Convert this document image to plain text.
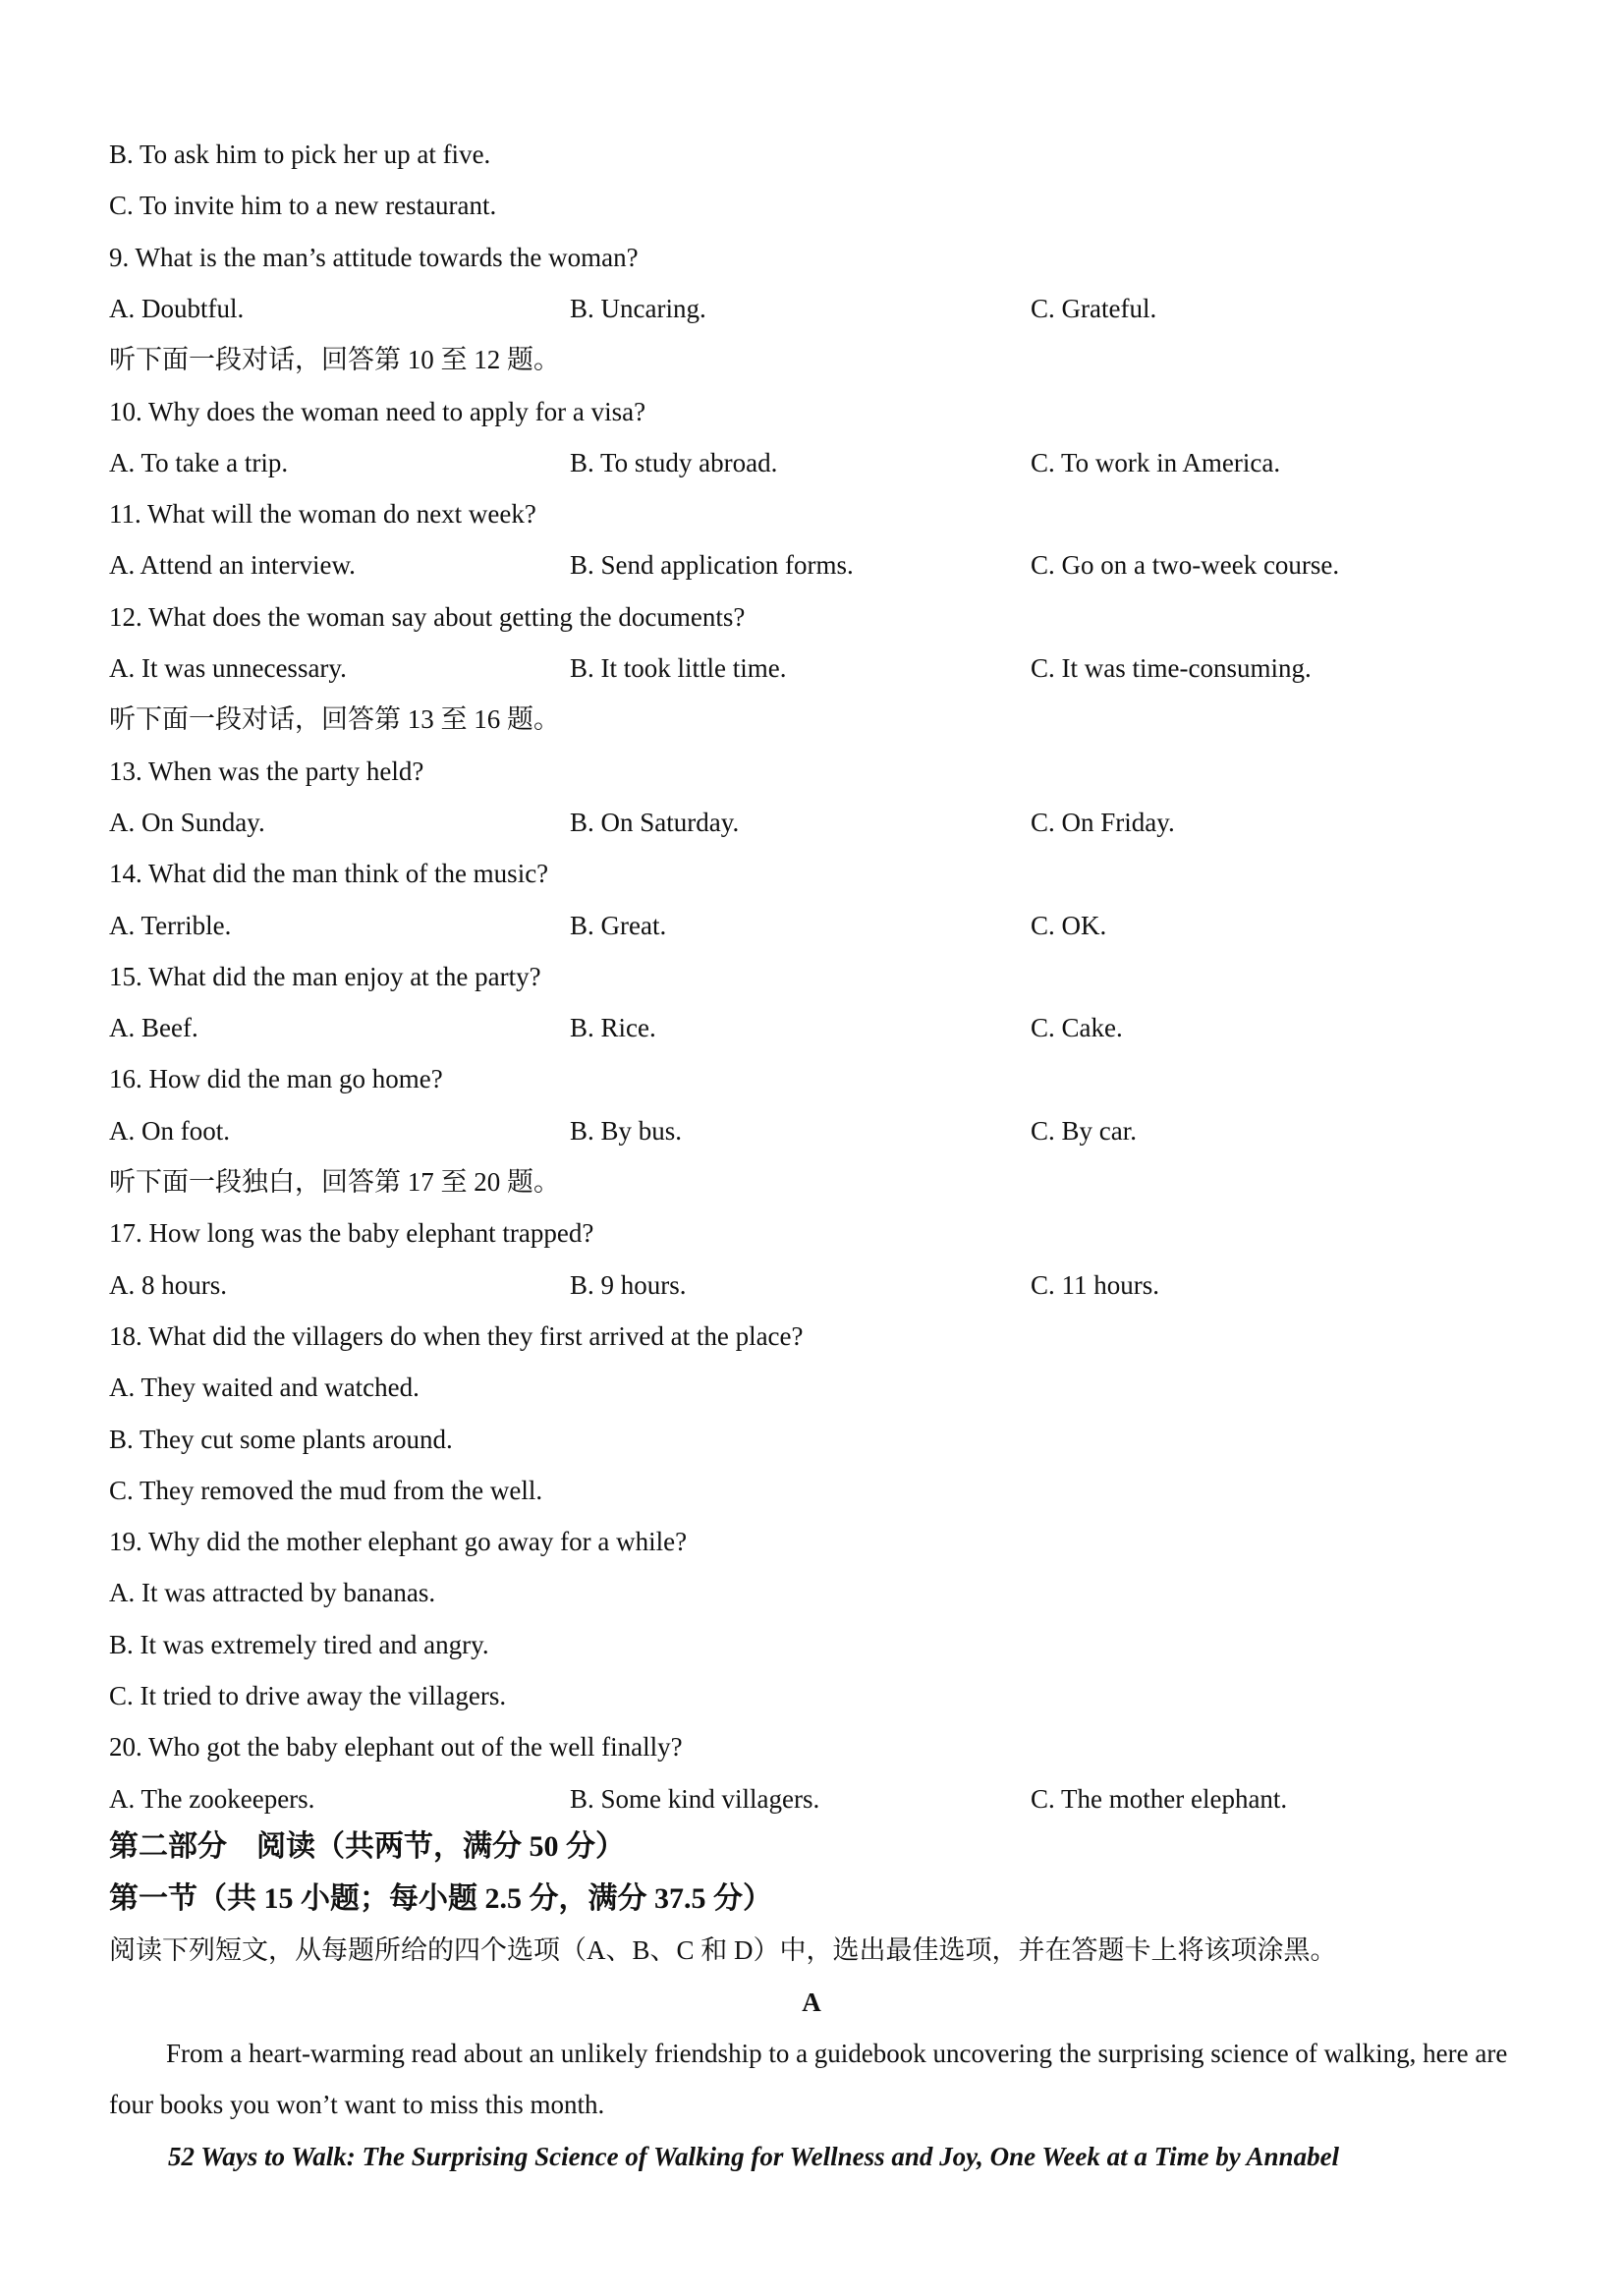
B. To ask him to pick her up at five.
C. To invite him to a new restaurant.
9. What is the man’s attitude towards the woman?
A. Doubtful.	B. Uncaring.	C. Grateful.
听下面一段对话，回答第 10 至 12 题。
10. Why does the woman need to apply for a visa?
A. To take a trip.	B. To study abroad.	C. To work in America.
11. What will the woman do next week?
A. Attend an interview.	B. Send application forms.	C. Go on a two-week course.
12. What does the woman say about getting the documents?
A. It was unnecessary.	B. It took little time.	C. It was time-consuming.
听下面一段对话，回答第 13 至 16 题。
13. When was the party held?
A. On Sunday.	B. On Saturday.	C. On Friday.
14. What did the man think of the music?
A. Terrible.	B. Great.	C. OK.
15. What did the man enjoy at the party?
A. Beef.	B. Rice.	C. Cake.
16. How did the man go home?
A. On foot.	B. By bus.	C. By car.
听下面一段独白，回答第 17 至 20 题。
17. How long was the baby elephant trapped?
A. 8 hours.	B. 9 hours.	C. 11 hours.
18. What did the villagers do when they first arrived at the place?
A. They waited and watched.
B. They cut some plants around.
C. They removed the mud from the well.
19. Why did the mother elephant go away for a while?
A. It was attracted by bananas.
B. It was extremely tired and angry.
C. It tried to drive away the villagers.
20. Who got the baby elephant out of the well finally?
A. The zookeepers.	B. Some kind villagers.	C. The mother elephant.
第二部分　阅读（共两节，满分 50 分）
第一节（共 15 小题；每小题 2.5 分，满分 37.5 分）
阅读下列短文，从每题所给的四个选项（A、B、C 和 D）中，选出最佳选项，并在答题卡上将该项涂黑。
A
From a heart-warming read about an unlikely friendship to a guidebook uncovering the surprising science of walking, here are four books you won’t want to miss this month.
52 Ways to Walk: The Surprising Science of Walking for Wellness and Joy, One Week at a Time by Annabel
